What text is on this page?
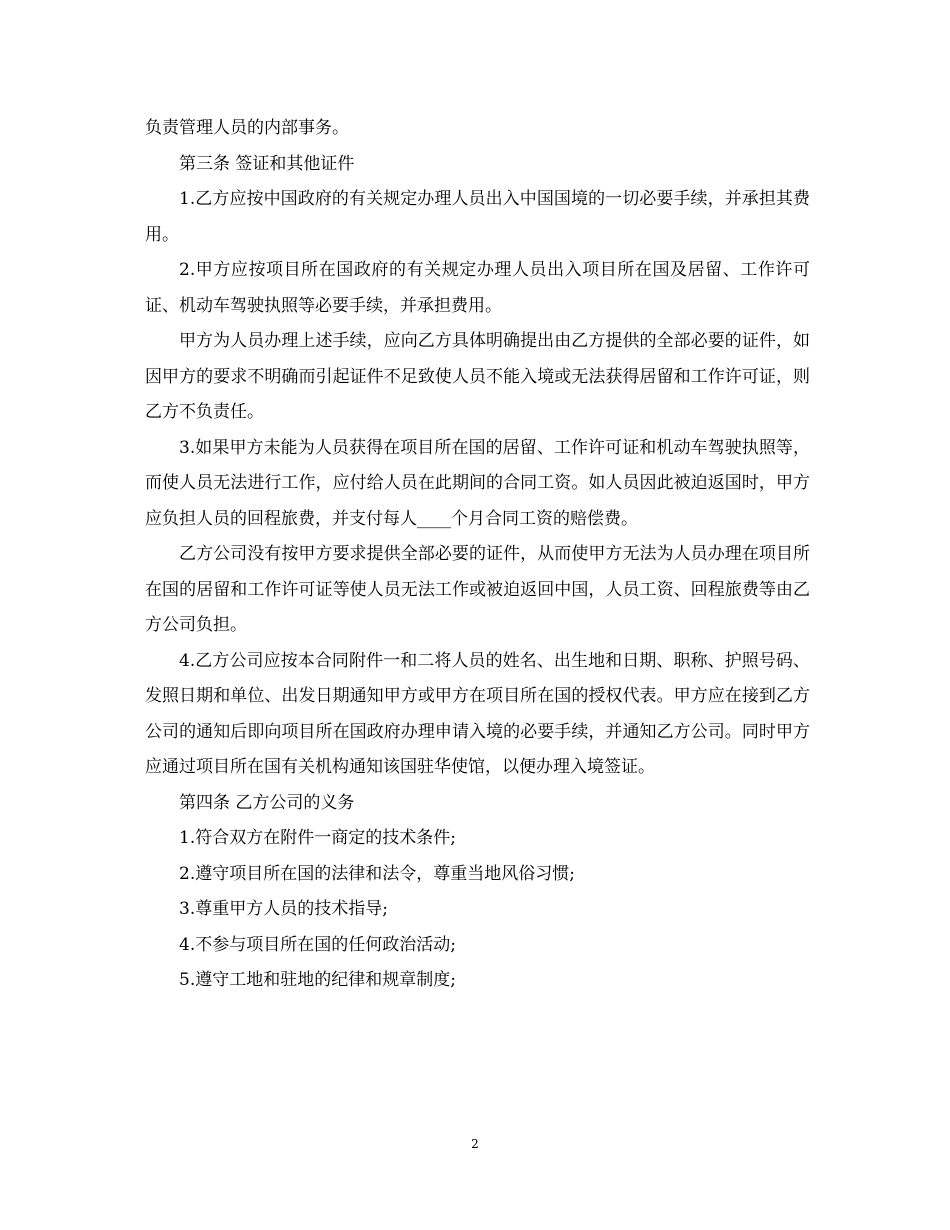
负责管理人员的内部事务。

第三条 签证和其他证件

1.乙方应按中国政府的有关规定办理人员出入中国国境的一切必要手续，并承担其费用。

2.甲方应按项目所在国政府的有关规定办理人员出入项目所在国及居留、工作许可证、机动车驾驶执照等必要手续，并承担费用。

甲方为人员办理上述手续，应向乙方具体明确提出由乙方提供的全部必要的证件，如因甲方的要求不明确而引起证件不足致使人员不能入境或无法获得居留和工作许可证，则乙方不负责任。

3.如果甲方未能为人员获得在项目所在国的居留、工作许可证和机动车驾驶执照等，而使人员无法进行工作，应付给人员在此期间的合同工资。如人员因此被迫返国时，甲方应负担人员的回程旅费，并支付每人____个月合同工资的赔偿费。

乙方公司没有按甲方要求提供全部必要的证件，从而使甲方无法为人员办理在项目所在国的居留和工作许可证等使人员无法工作或被迫返回中国，人员工资、回程旅费等由乙方公司负担。

4.乙方公司应按本合同附件一和二将人员的姓名、出生地和日期、职称、护照号码、发照日期和单位、出发日期通知甲方或甲方在项目所在国的授权代表。甲方应在接到乙方公司的通知后即向项目所在国政府办理申请入境的必要手续，并通知乙方公司。同时甲方应通过项目所在国有关机构通知该国驻华使馆，以便办理入境签证。

第四条 乙方公司的义务

1.符合双方在附件一商定的技术条件;

2.遵守项目所在国的法律和法令，尊重当地风俗习惯;

3.尊重甲方人员的技术指导;

4.不参与项目所在国的任何政治活动;

5.遵守工地和驻地的纪律和规章制度;

2
